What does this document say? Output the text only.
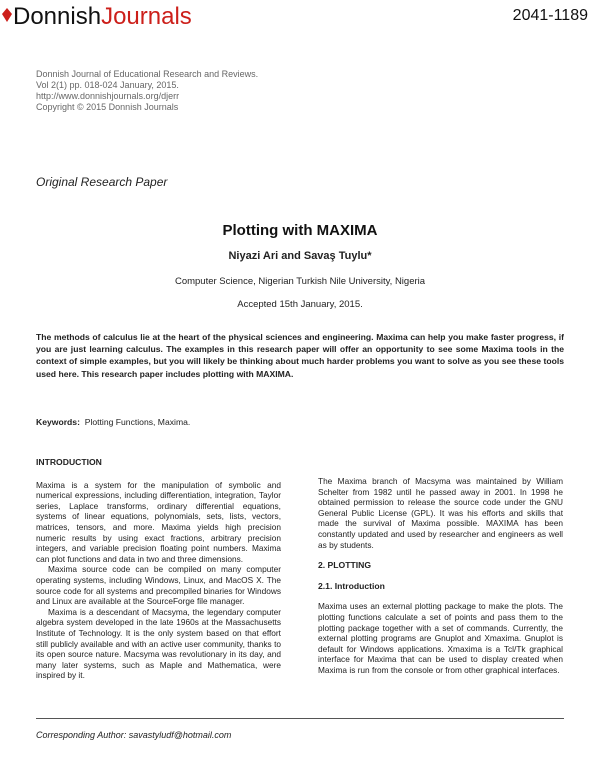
DonnishJournals	2041-1189
Donnish Journal of Educational Research and Reviews.
Vol 2(1) pp. 018-024 January, 2015.
http://www.donnishjournals.org/djerr
Copyright © 2015 Donnish Journals
Original Research Paper
Plotting with MAXIMA
Niyazi Ari and Savaş Tuylu*
Computer Science, Nigerian Turkish Nile University, Nigeria
Accepted 15th January, 2015.
The methods of calculus lie at the heart of the physical sciences and engineering. Maxima can help you make faster progress, if you are just learning calculus. The examples in this research paper will offer an opportunity to see some Maxima tools in the context of simple examples, but you will likely be thinking about much harder problems you want to solve as you see these tools used here. This research paper includes plotting with MAXIMA.
Keywords: Plotting Functions, Maxima.
INTRODUCTION

Maxima is a system for the manipulation of symbolic and numerical expressions, including differentiation, integration, Taylor series, Laplace transforms, ordinary differential equations, systems of linear equations, polynomials, sets, lists, vectors, matrices, tensors, and more. Maxima yields high precision numeric results by using exact fractions, arbitrary precision integers, and variable precision floating point numbers. Maxima can plot functions and data in two and three dimensions.

Maxima source code can be compiled on many computer operating systems, including Windows, Linux, and MacOS X. The source code for all systems and precompiled binaries for Windows and Linux are available at the SourceForge file manager.

Maxima is a descendant of Macsyma, the legendary computer algebra system developed in the late 1960s at the Massachusetts Institute of Technology. It is the only system based on that effort still publicly available and with an active user community, thanks to its open source nature. Macsyma was revolutionary in its day, and many later systems, such as Maple and Mathematica, were inspired by it.

The Maxima branch of Macsyma was maintained by William Schelter from 1982 until he passed away in 2001. In 1998 he obtained permission to release the source code under the GNU General Public License (GPL). It was his efforts and skills that made the survival of Maxima possible. MAXIMA has been constantly updated and used by researcher and engineers as well as by students.

2. PLOTTING
2.1. Introduction

Maxima uses an external plotting package to make the plots. The plotting functions calculate a set of points and pass them to the plotting package together with a set of commands. Currently, the external plotting programs are Gnuplot and Xmaxima. Gnuplot is default for Windows applications. Xmaxima is a Tcl/Tk graphical interface for Maxima that can be used to display created when Maxima is run from the console or from other graphical interfaces.

Corresponding Author: savastyludf@hotmail.com
